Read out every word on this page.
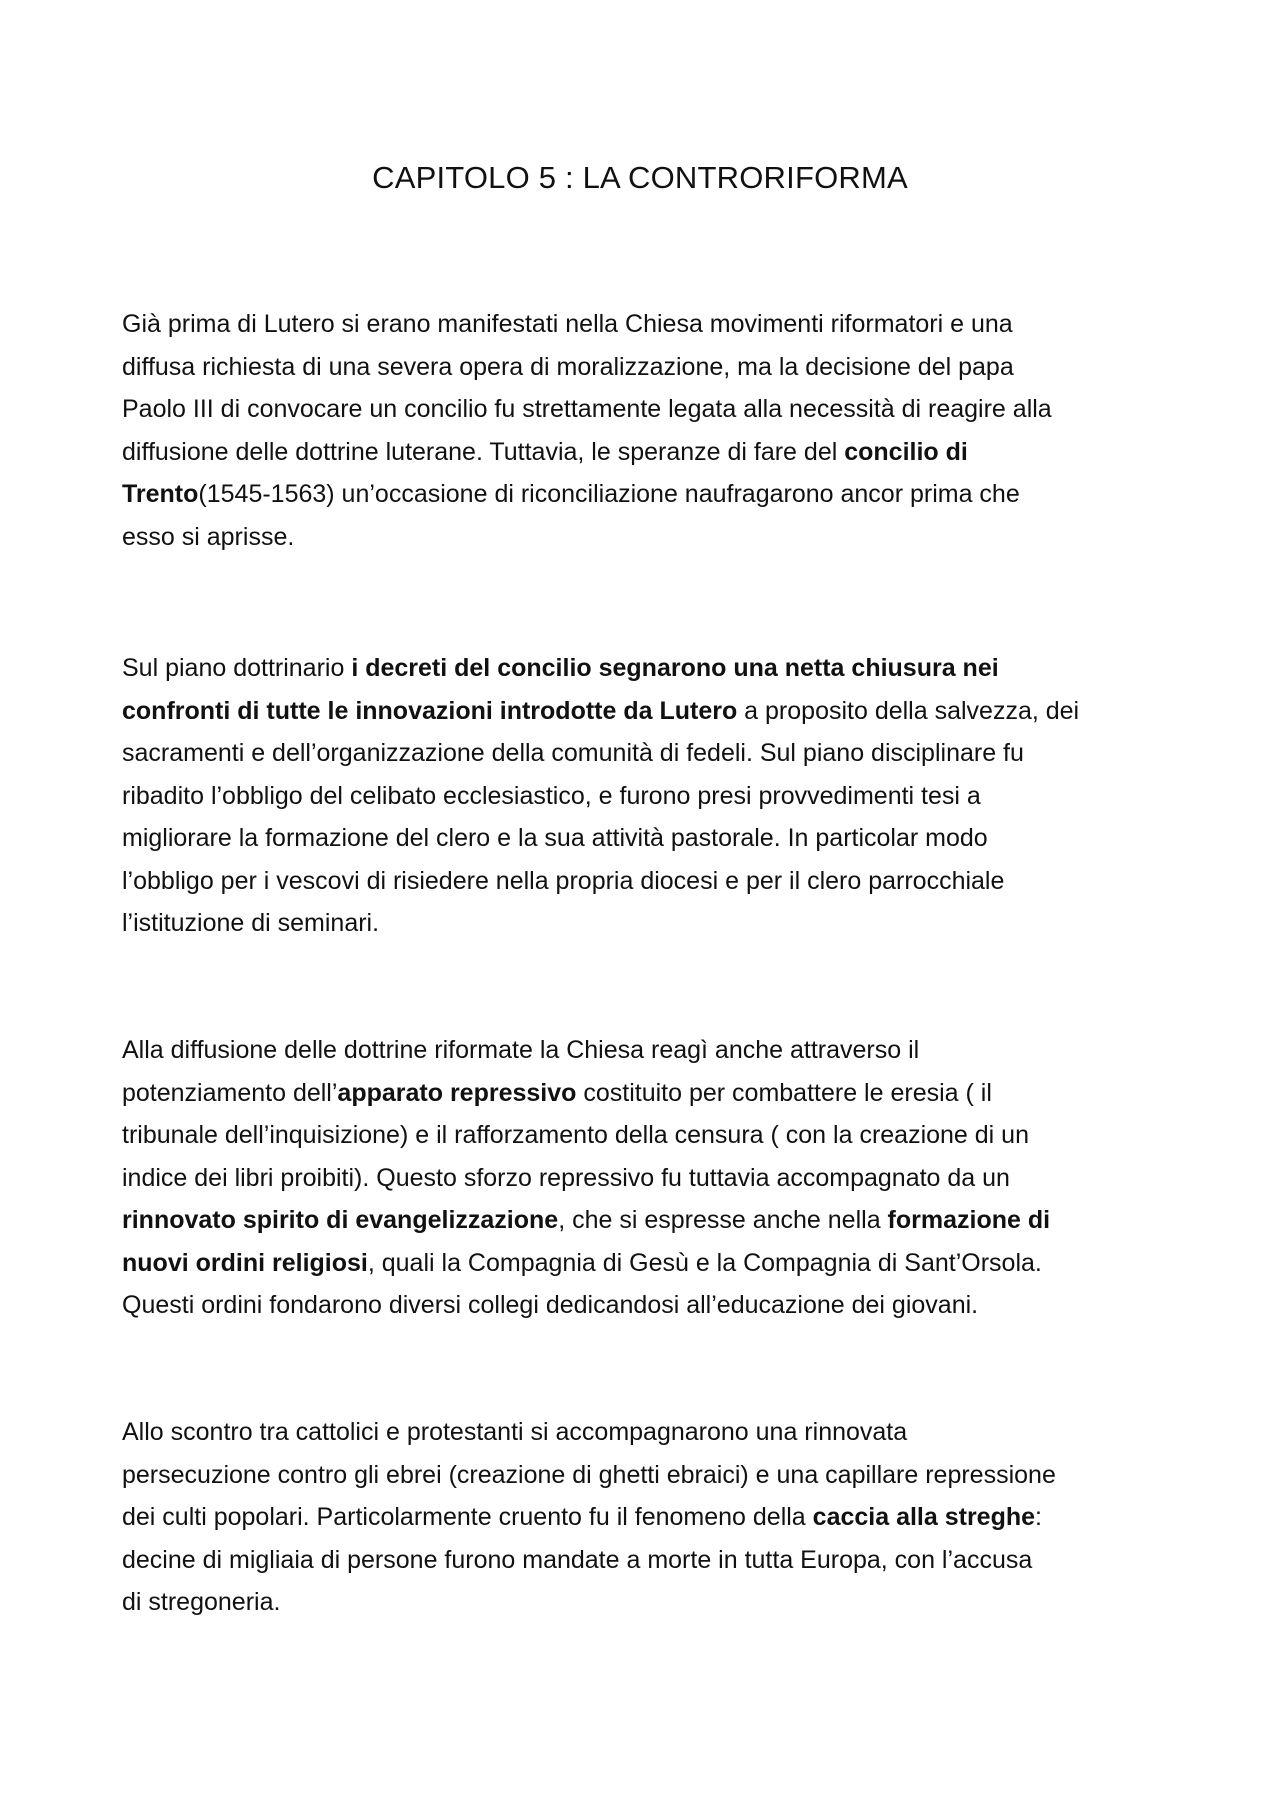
CAPITOLO 5 : LA CONTRORIFORMA
Già prima di Lutero si erano manifestati nella Chiesa movimenti riformatori e una
diffusa richiesta di una severa opera di moralizzazione, ma la decisione del papa
Paolo III di convocare un concilio fu strettamente legata alla necessità di reagire alla
diffusione delle dottrine luterane. Tuttavia, le speranze di fare del concilio di
Trento(1545-1563) un’occasione di riconciliazione naufragarono ancor prima che
esso si aprisse.
Sul piano dottrinario i decreti del concilio segnarono una netta chiusura nei
confronti di tutte le innovazioni introdotte da Lutero a proposito della salvezza, dei
sacramenti e dell’organizzazione della comunità di fedeli. Sul piano disciplinare fu
ribadito l’obbligo del celibato ecclesiastico, e furono presi provvedimenti tesi a
migliorare la formazione del clero e la sua attività pastorale. In particolar modo
l’obbligo per i vescovi di risiedere nella propria diocesi e per il clero parrocchiale
l’istituzione di seminari.
Alla diffusione delle dottrine riformate la Chiesa reagì anche attraverso il
potenziamento dell’apparato repressivo costituito per combattere le eresia ( il
tribunale dell’inquisizione) e il rafforzamento della censura ( con la creazione di un
indice dei libri proibiti). Questo sforzo repressivo fu tuttavia accompagnato da un
rinnovato spirito di evangelizzazione, che si espresse anche nella formazione di
nuovi ordini religiosi, quali la Compagnia di Gesù e la Compagnia di Sant’Orsola.
Questi ordini fondarono diversi collegi dedicandosi all’educazione dei giovani.
Allo scontro tra cattolici e protestanti si accompagnarono una rinnovata
persecuzione contro gli ebrei (creazione di ghetti ebraici) e una capillare repressione
dei culti popolari. Particolarmente cruento fu il fenomeno della caccia alla streghe:
decine di migliaia di persone furono mandate a morte in tutta Europa, con l’accusa
di stregoneria.
